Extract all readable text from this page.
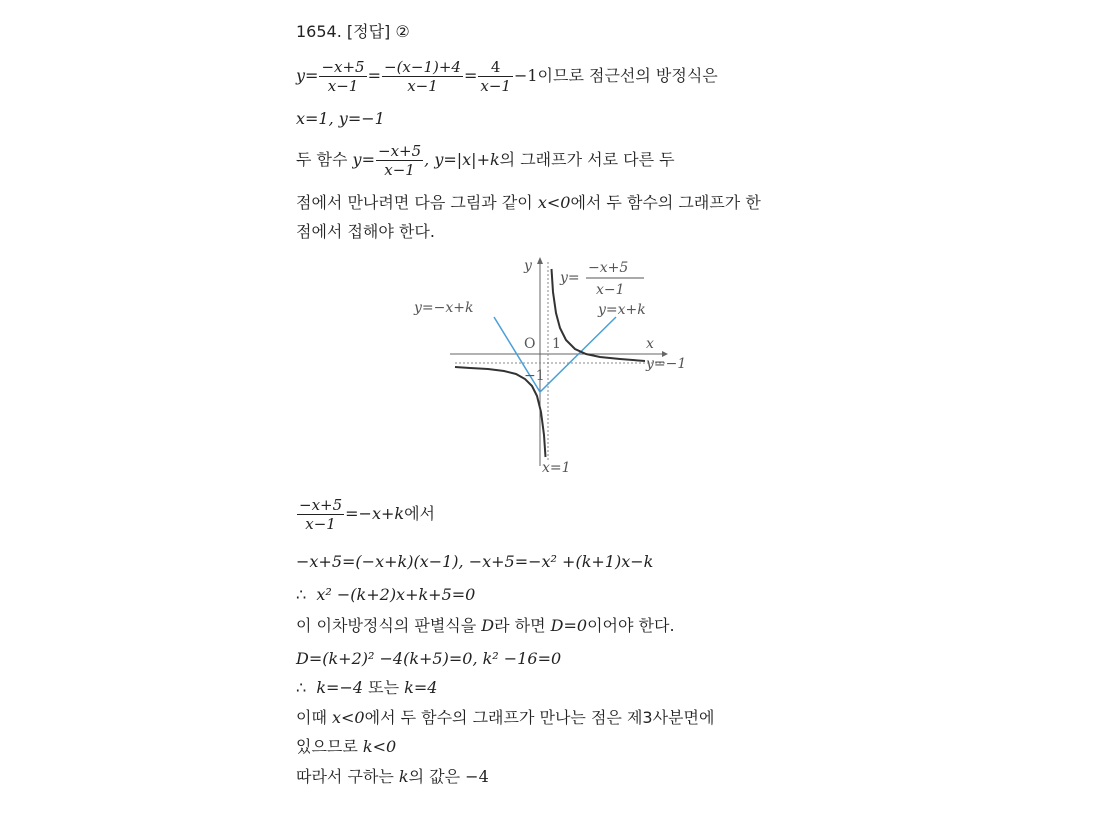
1654. [정답] ②
$y= \frac{-x+5}{x-1} = \frac{-(x-1)+4}{x-1} = \frac{4}{x-1} -1$이므로 점근선의 방정식은
x=1, y=−1
두 함수 $y= \frac{-x+5}{x-1}$ , y=|x|+k의 그래프가 서로 다른 두
점에서 만나려면 다음 그림과 같이 x<0에서 두 함수의 그래프가 한
점에서 접해야 한다.
y
x
O 1
−1
y=
−x+5
x−1
y=−x+k	y=x+k
y=−1
x=1
$\frac{-x+5}{x-1} =-x+k$에서
−x+5=(−x+k)(x−1), −x+5=−x² +(k+1)x−k
∴ x² −(k+2)x+k+5=0
이 이차방정식의 판별식을 D라 하면 D=0이어야 한다.
D=(k+2)² −4(k+5)=0, k² −16=0
∴ k=−4 또는 k=4
이때 x<0에서 두 함수의 그래프가 만나는 점은 제3사분면에
있으므로 k<0
따라서 구하는 k의 값은 −4
